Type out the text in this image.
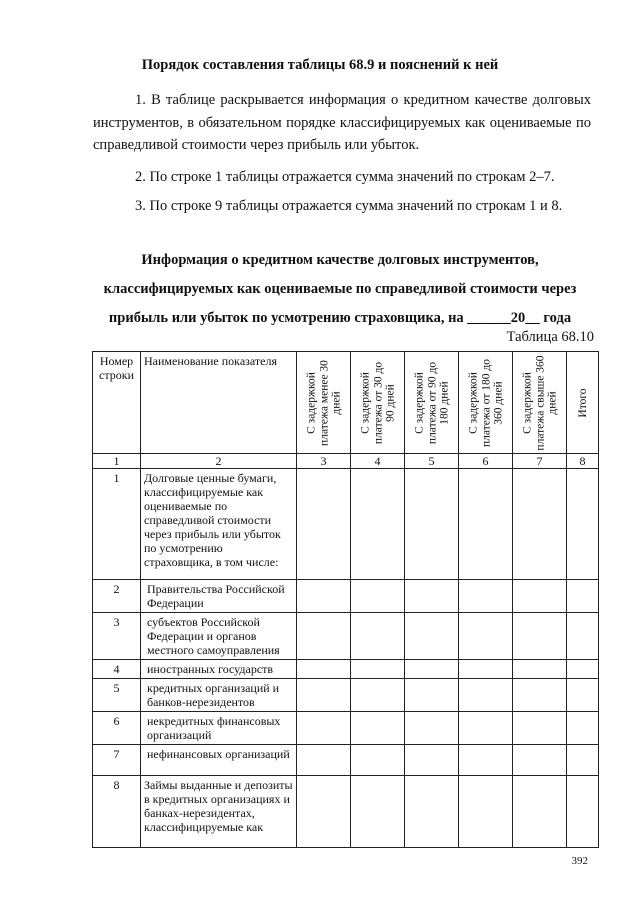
Порядок составления таблицы 68.9 и пояснений к ней
1. В таблице раскрывается информация о кредитном качестве долговых инструментов, в обязательном порядке классифицируемых как оцениваемые по справедливой стоимости через прибыль или убыток.
2. По строке 1 таблицы отражается сумма значений по строкам 2–7.
3. По строке 9 таблицы отражается сумма значений по строкам 1 и 8.
Информация о кредитном качестве долговых инструментов, классифицируемых как оцениваемые по справедливой стоимости через прибыль или убыток по усмотрению страховщика, на ______20__ года
Таблица 68.10
Номер строки	Наименование показателя	С задержкой платежа менее 30 дней	С задержкой платежа от 30 до 90 дней	С задержкой платежа от 90 до 180 дней	С задержкой платежа от 180 до 360 дней	С задержкой платежа свыше 360 дней	Итого

1	2	3	4	5	6	7	8
1	Долговые ценные бумаги, классифицируемые как оцениваемые по справедливой стоимости через прибыль или убыток по усмотрению страховщика, в том числе:						
2	Правительства Российской Федерации						
3	субъектов Российской Федерации и органов местного самоуправления						
4	иностранных государств						
5	кредитных организаций и банков-нерезидентов						
6	некредитных финансовых организаций						
7	нефинансовых организаций						
8	Займы выданные и депозиты в кредитных организациях и банках-нерезидентах, классифицируемые как						
392
